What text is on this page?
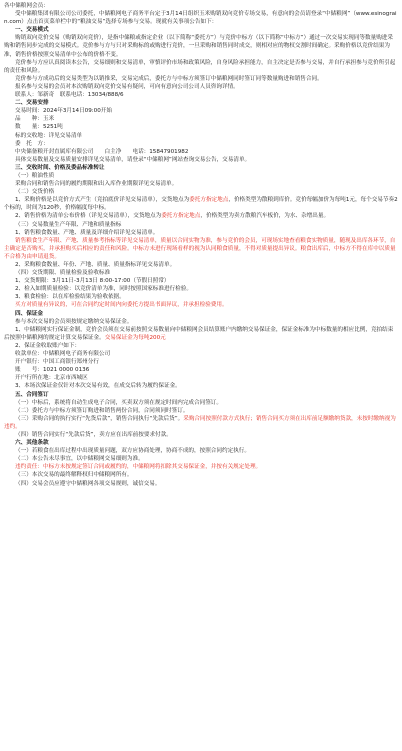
各中储粮网会员：

受中储粮集团有限公司公司委托，中储粮网电子商务平台定于3月14日组织玉米购销双向竞价专场交易，有意向的会员请登录“中储粮网”（www.esinograin.com）点击首页菜单栏中的“粮油交易”选择专场参与交易。现就有关事项公告如下：

一、交易模式

购销双向竞价交易（购销双向竞价），是指中储粮或指定企业（以下简称“委托方”）与竞价中标方（以下简称“中标方”）通过一次交易实现同等数量购进采购和销售同步完成的交易模式。竞价参与方与只对采购标的或购进行竞价，一旦采购和销售同时成交，则相对应的物权交割时间确定。采购价格以竞价结果为准，销售价格按照交易清单中公布的价格不变。

竞价参与方应认真阅读本公告，交易细则和交易清单，审慎评价市场和政策风险，自身风险承担能力，自主决定是否参与交易，并自行承担参与竞价所引起的责任和风险。

竞价参与方成功后的交易类型为以销推采，交易完成后，委托方与中标方须签订中储粮网同时签订同等数量购进和销售合同。

报名参与交易的会员对本次购销双向竞价交易有疑问，可向有意向公司公司人员咨询详情。

联系人：邹新奇　 联系电话：13034/888/6

二、交易安排

交易时间：2024年3月14日09:00开始

品　　种：玉米

数　　量：5251吨

标的交收地：详见交易清单

委　托　方：

中央储备粮开封直属库有限公司　　白主净　　电话：15847901982

具体交易数量及交易质量安排详见交易清单，请登录“中储粮网”网站查询交易公告，交易清单。

三、交收时间、价格及委品标准转让

（一）粮油性质

采购合同和销售合同的履约期限和出入库作业期限详见交易清单。

（二）交货价格

1、采购价格是以竞价方式产生（竞拍底价详见交易清单），交货地点为委托方指定地点，价格类型为散粮到库价。竞价每幅加价为每吨1元，每个交易节奏2个标的，时间为120秒，价格幅度每中标。

2、销售价格为清单公布价格（详见交易清单），交货地点为委托方指定地点，价格类型为卖方散粮汽车板价，为水、杂增出量。

（三）交易数量生产年限、产地和质量指标

1、销售粮食数量、产地、质量及详细介绍详见交易清单。

销售粮食生产年限、产地、质量参考指标等详见交易清单，质量以合同实物为准，参与竞价的会员，可现场实地查看粮食实物质量，随现及出库各环节，自主确定是否购买，并承担购买后相应的责任和风险。中标方未进行现场看样的视为认同粮食质量，不得对质量提出异议。粮食出库后，中标方不得在库中以质量不合格为由申请退货。

2、采购粮食数量、年份、产地、质量、质量指标详见交易清单。

（四）交货期限、质量检验及验收标准

1、交货期限：3月11日-3月13日 8:00-17:00（节假日照常）

2、检入如期质量检验：以竞价清单为准，同时按照国家标准进行检验。

3、粮食检验：以在库检验结果为验收依据。

买方对质量有异议的，可在合同约定时间内向委托方提出书面异议，并承担检验费用。

四、保证金

参与本次交易的会员须按规定缴纳交易保证金。

1、中储粮网实行保证金制，竞价会员须在交易前按照交易数量向中储粮网会员结算账户内缴纳交易保证金，保证金标准为中标数量的相应比例，竞拍结束后按照中储粮网的规定计算交易保证金。交易保证金为每吨200元

2、保证金收取账户如下：

收款单位：中储粮网电子商务有限公司

开户银行：中国工商银行郑州分行

账　　号：1021 0000 0136

开户行所在地：北京市西城区

3、本场次保证金仅针对本次交易有效，在成交后转为履约保证金。

五、合同签订

（一）中标后，系统将自动生成电子合同，买卖双方须在规定时间内完成合同签订。

（二）委托方与中标方须签订购进和销售两份合同，合同须同时签订。

（三）采购合同的执行实行“先货后款”，销售合同执行“先款后货”。采购合同按照付款方式执行；销售合同买方须在出库前足额缴纳货款，未按时缴纳视为违约。

（四）销售合同实行“先款后货”，卖方应在出库前按要求付款。

六、其他条款

（一）若粮食在出库过程中出现质量问题，双方应协商处理，协商不成的，按照合同约定执行。

（二）本公告未尽事宜，以中储粮网交易细则为准。

违约责任：中标方未按规定签订合同或履约的，中储粮网将扣除其交易保证金，并按有关规定处理。

（三）本次交易的最终解释权归中储粮网所有。

（四）交易会员应遵守中储粮网各项交易规则，诚信交易。
